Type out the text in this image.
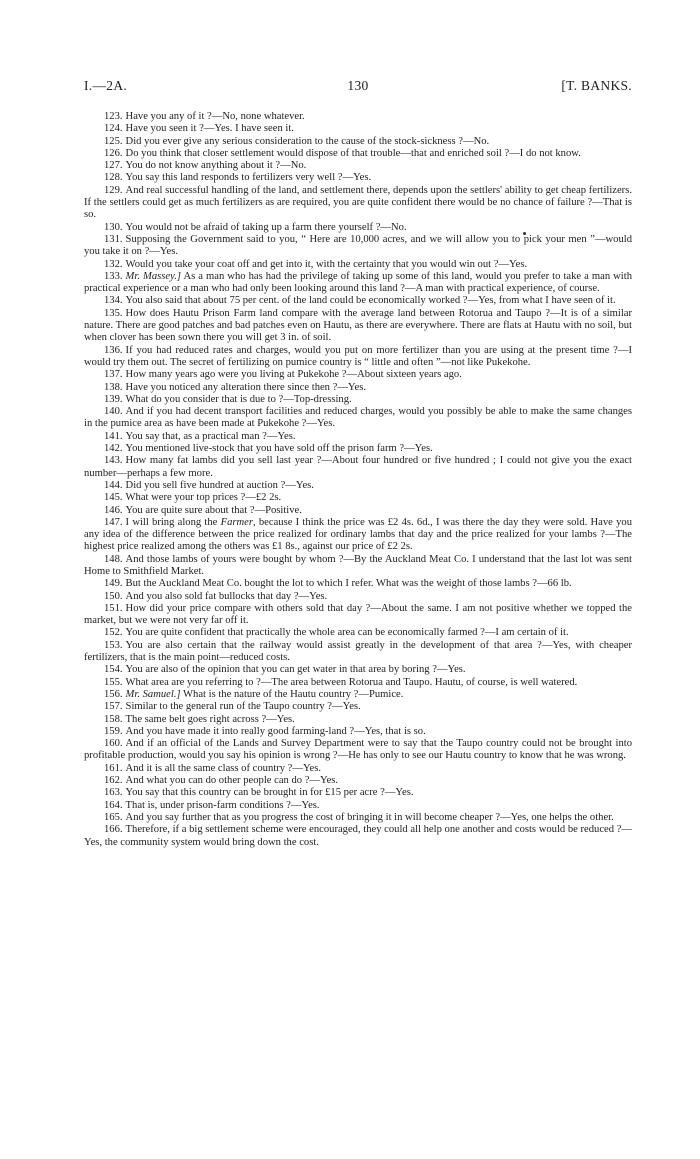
I.—2A.	130	[T. BANKS.

123. Have you any of it ?—No, none whatever.

124. Have you seen it ?—Yes. I have seen it.

125. Did you ever give any serious consideration to the cause of the stock-sickness ?—No.

126. Do you think that closer settlement would dispose of that trouble—that and enriched soil ?—I do not know.

127. You do not know anything about it ?—No.

128. You say this land responds to fertilizers very well ?—Yes.

129. And real successful handling of the land, and settlement there, depends upon the settlers' ability to get cheap fertilizers. If the settlers could get as much fertilizers as are required, you are quite confident there would be no chance of failure ?—That is so.

130. You would not be afraid of taking up a farm there yourself ?—No.

131. Supposing the Government said to you, “ Here are 10,000 acres, and we will allow you to pick your men ”—would you take it on ?—Yes.

132. Would you take your coat off and get into it, with the certainty that you would win out ?—Yes.

133. Mr. Massey.] As a man who has had the privilege of taking up some of this land, would you prefer to take a man with practical experience or a man who had only been looking around this land ?—A man with practical experience, of course.

134. You also said that about 75 per cent. of the land could be economically worked ?—Yes, from what I have seen of it.

135. How does Hautu Prison Farm land compare with the average land between Rotorua and Taupo ?—It is of a similar nature. There are good patches and bad patches even on Hautu, as there are everywhere. There are flats at Hautu with no soil, but when clover has been sown there you will get 3 in. of soil.

136. If you had reduced rates and charges, would you put on more fertilizer than you are using at the present time ?—I would try them out. The secret of fertilizing on pumice country is “ little and often ”—not like Pukekohe.

137. How many years ago were you living at Pukekohe ?—About sixteen years ago.

138. Have you noticed any alteration there since then ?—Yes.

139. What do you consider that is due to ?—Top-dressing.

140. And if you had decent transport facilities and reduced charges, would you possibly be able to make the same changes in the pumice area as have been made at Pukekohe ?—Yes.

141. You say that, as a practical man ?—Yes.

142. You mentioned live-stock that you have sold off the prison farm ?—Yes.

143. How many fat lambs did you sell last year ?—About four hundred or five hundred ; I could not give you the exact number—perhaps a few more.

144. Did you sell five hundred at auction ?—Yes.

145. What were your top prices ?—£2 2s.

146. You are quite sure about that ?—Positive.

147. I will bring along the Farmer, because I think the price was £2 4s. 6d., I was there the day they were sold. Have you any idea of the difference between the price realized for ordinary lambs that day and the price realized for your lambs ?—The highest price realized among the others was £1 8s., against our price of £2 2s.

148. And those lambs of yours were bought by whom ?—By the Auckland Meat Co. I understand that the last lot was sent Home to Smithfield Market.

149. But the Auckland Meat Co. bought the lot to which I refer. What was the weight of those lambs ?—66 lb.

150. And you also sold fat bullocks that day ?—Yes.

151. How did your price compare with others sold that day ?—About the same. I am not positive whether we topped the market, but we were not very far off it.

152. You are quite confident that practically the whole area can be economically farmed ?—I am certain of it.

153. You are also certain that the railway would assist greatly in the development of that area ?—Yes, with cheaper fertilizers, that is the main point—reduced costs.

154. You are also of the opinion that you can get water in that area by boring ?—Yes.

155. What area are you referring to ?—The area between Rotorua and Taupo. Hautu, of course, is well watered.

156. Mr. Samuel.] What is the nature of the Hautu country ?—Pumice.

157. Similar to the general run of the Taupo country ?—Yes.

158. The same belt goes right across ?—Yes.

159. And you have made it into really good farming-land ?—Yes, that is so.

160. And if an official of the Lands and Survey Department were to say that the Taupo country could not be brought into profitable production, would you say his opinion is wrong ?—He has only to see our Hautu country to know that he was wrong.

161. And it is all the same class of country ?—Yes.

162. And what you can do other people can do ?—Yes.

163. You say that this country can be brought in for £15 per acre ?—Yes.

164. That is, under prison-farm conditions ?—Yes.

165. And you say further that as you progress the cost of bringing it in will become cheaper ?—Yes, one helps the other.

166. Therefore, if a big settlement scheme were encouraged, they could all help one another and costs would be reduced ?—Yes, the community system would bring down the cost.
